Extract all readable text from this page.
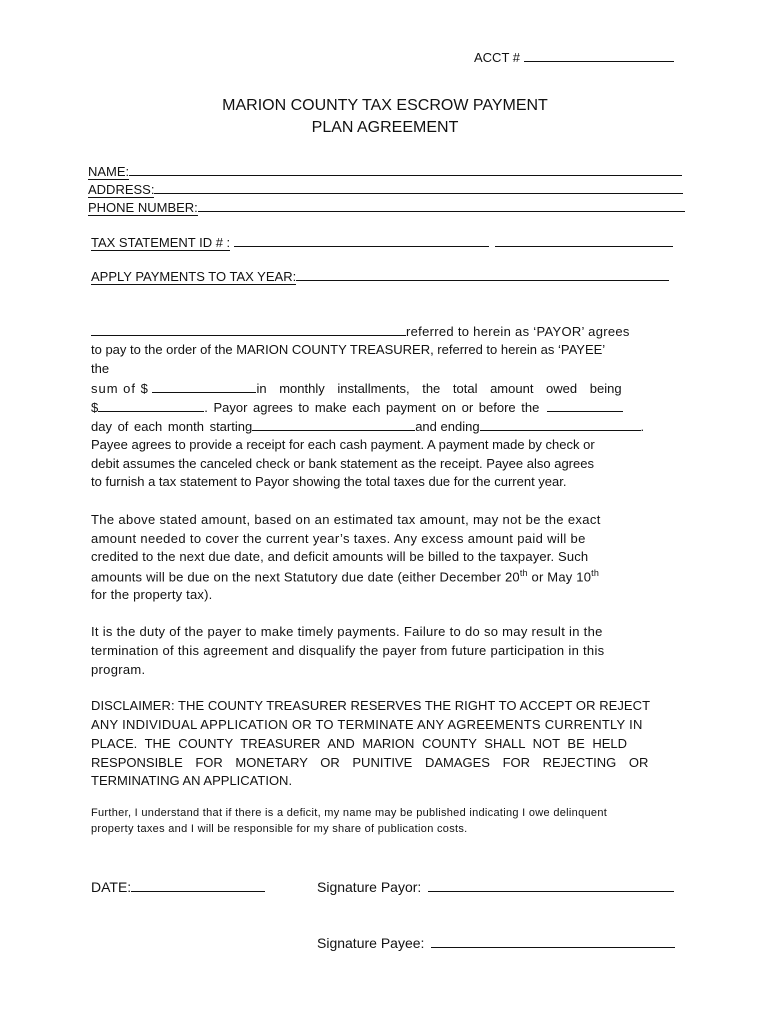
ACCT #
MARION COUNTY TAX ESCROW PAYMENT
PLAN AGREEMENT
NAME:
ADDRESS:
PHONE NUMBER:
TAX STATEMENT ID # :
APPLY PAYMENTS TO TAX YEAR:
referred to herein as ‘PAYOR’ agrees
to pay to the order of the MARION COUNTY TREASURER, referred to herein as ‘PAYEE’
the
sum of $	in monthly installments, the total amount owed being
$	. Payor agrees to make each payment on or before the
day of each month starting	and ending	.
Payee agrees to provide a receipt for each cash payment. A payment made by check or
debit assumes the canceled check or bank statement as the receipt. Payee also agrees
to furnish a tax statement to Payor showing the total taxes due for the current year.
The above stated amount, based on an estimated tax amount, may not be the exact
amount needed to cover the current year’s taxes. Any excess amount paid will be
credited to the next due date, and deficit amounts will be billed to the taxpayer. Such
amounts will be due on the next Statutory due date (either December 20th or May 10th
for the property tax).
It is the duty of the payer to make timely payments. Failure to do so may result in the
termination of this agreement and disqualify the payer from future participation in this
program.
DISCLAIMER: THE COUNTY TREASURER RESERVES THE RIGHT TO ACCEPT OR REJECT
ANY INDIVIDUAL APPLICATION OR TO TERMINATE ANY AGREEMENTS CURRENTLY IN
PLACE. THE COUNTY TREASURER AND MARION COUNTY SHALL NOT BE HELD
RESPONSIBLE FOR MONETARY OR PUNITIVE DAMAGES FOR REJECTING OR
TERMINATING AN APPLICATION.
Further, I understand that if there is a deficit, my name may be published indicating I owe delinquent
property taxes and I will be responsible for my share of publication costs.
DATE:	Signature Payor:
Signature Payee:
